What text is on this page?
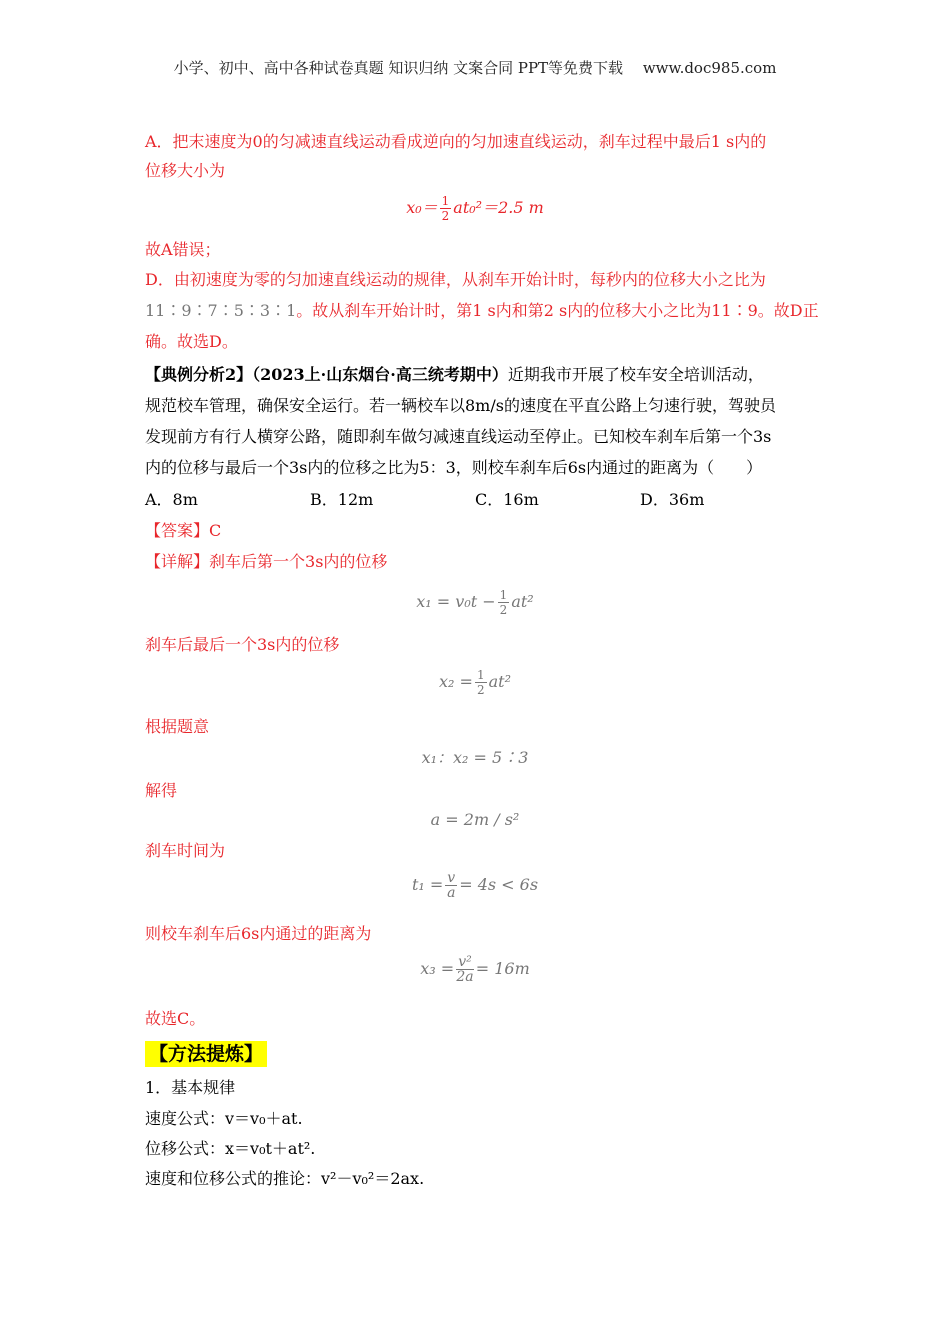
小学、初中、高中各种试卷真题 知识归纳 文案合同 PPT等免费下载　 www.doc985.com
A．把末速度为0的匀减速直线运动看成逆向的匀加速直线运动，刹车过程中最后1 s内的
位移大小为
$x_0= \frac{1}{2} at_0^2=2.5$ m
故A错误；
D．由初速度为零的匀加速直线运动的规律，从刹车开始计时，每秒内的位移大小之比为
11∶9∶7∶5∶3∶1。故从刹车开始计时，第1 s内和第2 s内的位移大小之比为11∶9。故D正
确。故选D。
【典例分析2】（2023上·山东烟台·高三统考期中）近期我市开展了校车安全培训活动，
规范校车管理，确保安全运行。若一辆校车以8m/s的速度在平直公路上匀速行驶，驾驶员
发现前方有行人横穿公路，随即刹车做匀减速直线运动至停止。已知校车刹车后第一个3s
内的位移与最后一个3s内的位移之比为5：3，则校车刹车后6s内通过的距离为（　　）
A．8m	B．12m	C．16m	D．36m
【答案】C
【详解】刹车后第一个3s内的位移
$x_1 = v_0t - \frac{1}{2} at^2$
刹车后最后一个3s内的位移
$x_2 = \frac{1}{2} at^2$
根据题意
x₁：x₂ = 5∶3
解得
a = 2m / s²
刹车时间为
$t_1 = \frac{v}{a} = 4s < 6s$
则校车刹车后6s内通过的距离为
$x_3 = \frac{\text{v²}}{2a} = 16m$
故选C。
【方法提炼】
1．基本规律
速度公式：v＝v₀＋at.
位移公式：x＝v₀t＋at².
速度和位移公式的推论：v²－v₀²＝2ax.
